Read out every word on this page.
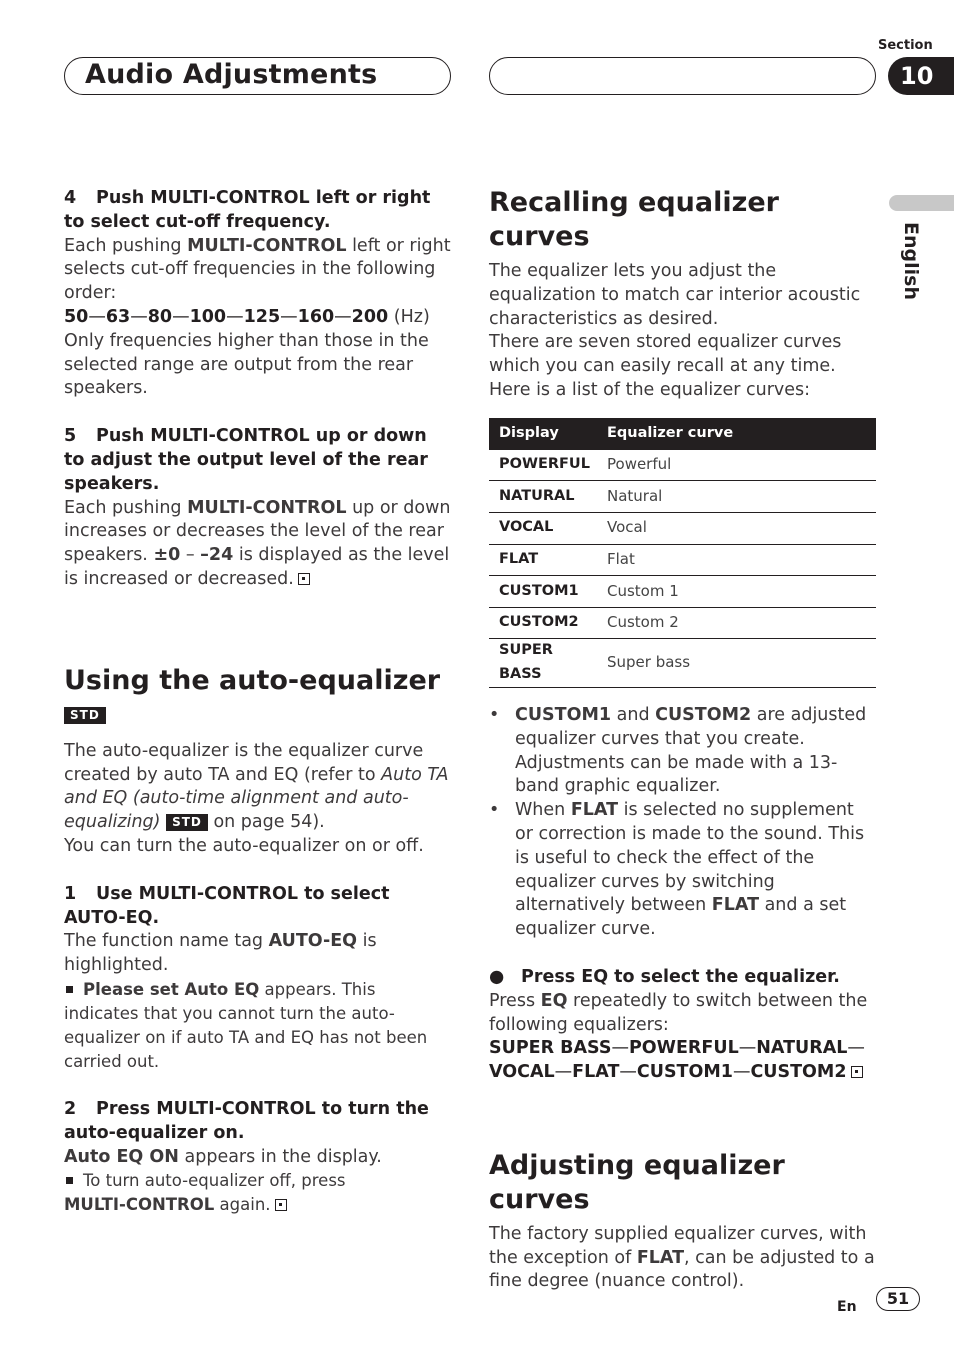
Audio Adjustments
Section
10
English

4 Push MULTI-CONTROL left or right to select cut-off frequency.

Each pushing MULTI-CONTROL left or right selects cut-off frequencies in the following order:

50—63—80—100—125—160—200 (Hz)

Only frequencies higher than those in the selected range are output from the rear speakers.

5 Push MULTI-CONTROL up or down to adjust the output level of the rear speakers.

Each pushing MULTI-CONTROL up or down increases or decreases the level of the rear speakers. ±0 – –24 is displayed as the level is increased or decreased.

Using the auto-equalizer STD

The auto-equalizer is the equalizer curve created by auto TA and EQ (refer to Auto TA and EQ (auto-time alignment and auto-equalizing) STD on page 54).

You can turn the auto-equalizer on or off.

1 Use MULTI-CONTROL to select AUTO-EQ.

The function name tag AUTO-EQ is highlighted.

Please set Auto EQ appears. This indicates that you cannot turn the auto-equalizer on if auto TA and EQ has not been carried out.

2 Press MULTI-CONTROL to turn the auto-equalizer on.

Auto EQ ON appears in the display.

To turn auto-equalizer off, press
MULTI-CONTROL again.

Recalling equalizer curves

The equalizer lets you adjust the equalization to match car interior acoustic characteristics as desired.

There are seven stored equalizer curves which you can easily recall at any time. Here is a list of the equalizer curves:

Display	Equalizer curve
POWERFUL	Powerful
NATURAL	Natural
VOCAL	Vocal
FLAT	Flat
CUSTOM1	Custom 1
CUSTOM2	Custom 2
SUPER BASS	Super bass

• CUSTOM1 and CUSTOM2 are adjusted equalizer curves that you create. Adjustments can be made with a 13-band graphic equalizer.

• When FLAT is selected no supplement or correction is made to the sound. This is useful to check the effect of the equalizer curves by switching alternatively between FLAT and a set equalizer curve.

● Press EQ to select the equalizer.

Press EQ repeatedly to switch between the following equalizers:

SUPER BASS—POWERFUL—NATURAL—
VOCAL—FLAT—CUSTOM1—CUSTOM2

Adjusting equalizer curves

The factory supplied equalizer curves, with the exception of FLAT, can be adjusted to a fine degree (nuance control).

En	51
